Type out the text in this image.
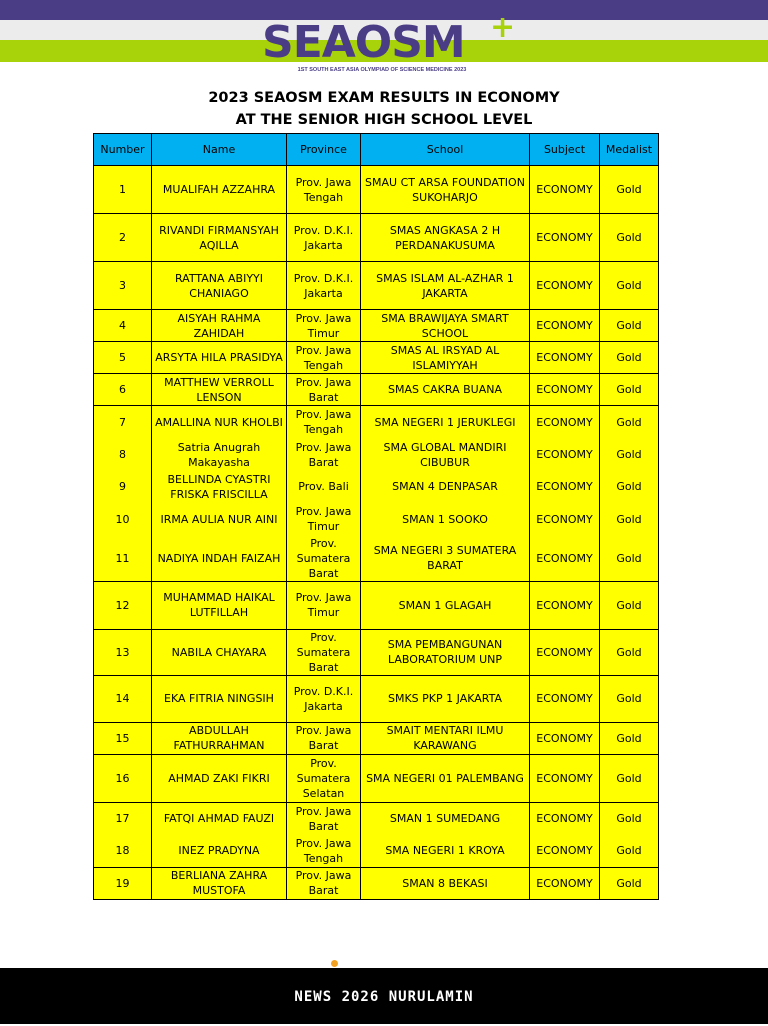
SEAOSM +
1ST SOUTH EAST ASIA OLYMPIAD OF SCIENCE MEDICINE 2023
2023 SEAOSM EXAM RESULTS IN ECONOMY
AT THE SENIOR HIGH SCHOOL LEVEL
Number	Name	Province	School	Subject	Medalist
1	MUALIFAH AZZAHRA	Prov. Jawa Tengah	SMAU CT ARSA FOUNDATION SUKOHARJO	ECONOMY	Gold
2	RIVANDI FIRMANSYAH AQILLA	Prov. D.K.I. Jakarta	SMAS ANGKASA 2 H PERDANAKUSUMA	ECONOMY	Gold
3	RATTANA ABIYYI CHANIAGO	Prov. D.K.I. Jakarta	SMAS ISLAM AL-AZHAR 1 JAKARTA	ECONOMY	Gold
4	AISYAH RAHMA ZAHIDAH	Prov. Jawa Timur	SMA BRAWIJAYA SMART SCHOOL	ECONOMY	Gold
5	ARSYTA HILA PRASIDYA	Prov. Jawa Tengah	SMAS AL IRSYAD AL ISLAMIYYAH	ECONOMY	Gold
6	MATTHEW VERROLL LENSON	Prov. Jawa Barat	SMAS CAKRA BUANA	ECONOMY	Gold
7	AMALLINA NUR KHOLBI	Prov. Jawa Tengah	SMA NEGERI 1 JERUKLEGI	ECONOMY	Gold
8	Satria Anugrah Makayasha	Prov. Jawa Barat	SMA GLOBAL MANDIRI CIBUBUR	ECONOMY	Gold
9	BELLINDA CYASTRI FRISKA FRISCILLA	Prov. Bali	SMAN 4 DENPASAR	ECONOMY	Gold
10	IRMA AULIA NUR AINI	Prov. Jawa Timur	SMAN 1 SOOKO	ECONOMY	Gold
11	NADIYA INDAH FAIZAH	Prov. Sumatera Barat	SMA NEGERI 3 SUMATERA BARAT	ECONOMY	Gold
12	MUHAMMAD HAIKAL LUTFILLAH	Prov. Jawa Timur	SMAN 1 GLAGAH	ECONOMY	Gold
13	NABILA CHAYARA	Prov. Sumatera Barat	SMA PEMBANGUNAN LABORATORIUM UNP	ECONOMY	Gold
14	EKA FITRIA NINGSIH	Prov. D.K.I. Jakarta	SMKS PKP 1 JAKARTA	ECONOMY	Gold
15	ABDULLAH FATHURRAHMAN	Prov. Jawa Barat	SMAIT MENTARI ILMU KARAWANG	ECONOMY	Gold
16	AHMAD ZAKI FIKRI	Prov. Sumatera Selatan	SMA NEGERI 01 PALEMBANG	ECONOMY	Gold
17	FATQI AHMAD FAUZI	Prov. Jawa Barat	SMAN 1 SUMEDANG	ECONOMY	Gold
18	INEZ PRADYNA	Prov. Jawa Tengah	SMA NEGERI 1 KROYA	ECONOMY	Gold
19	BERLIANA ZAHRA MUSTOFA	Prov. Jawa Barat	SMAN 8 BEKASI	ECONOMY	Gold
NEWS 2026 NURULAMIN
